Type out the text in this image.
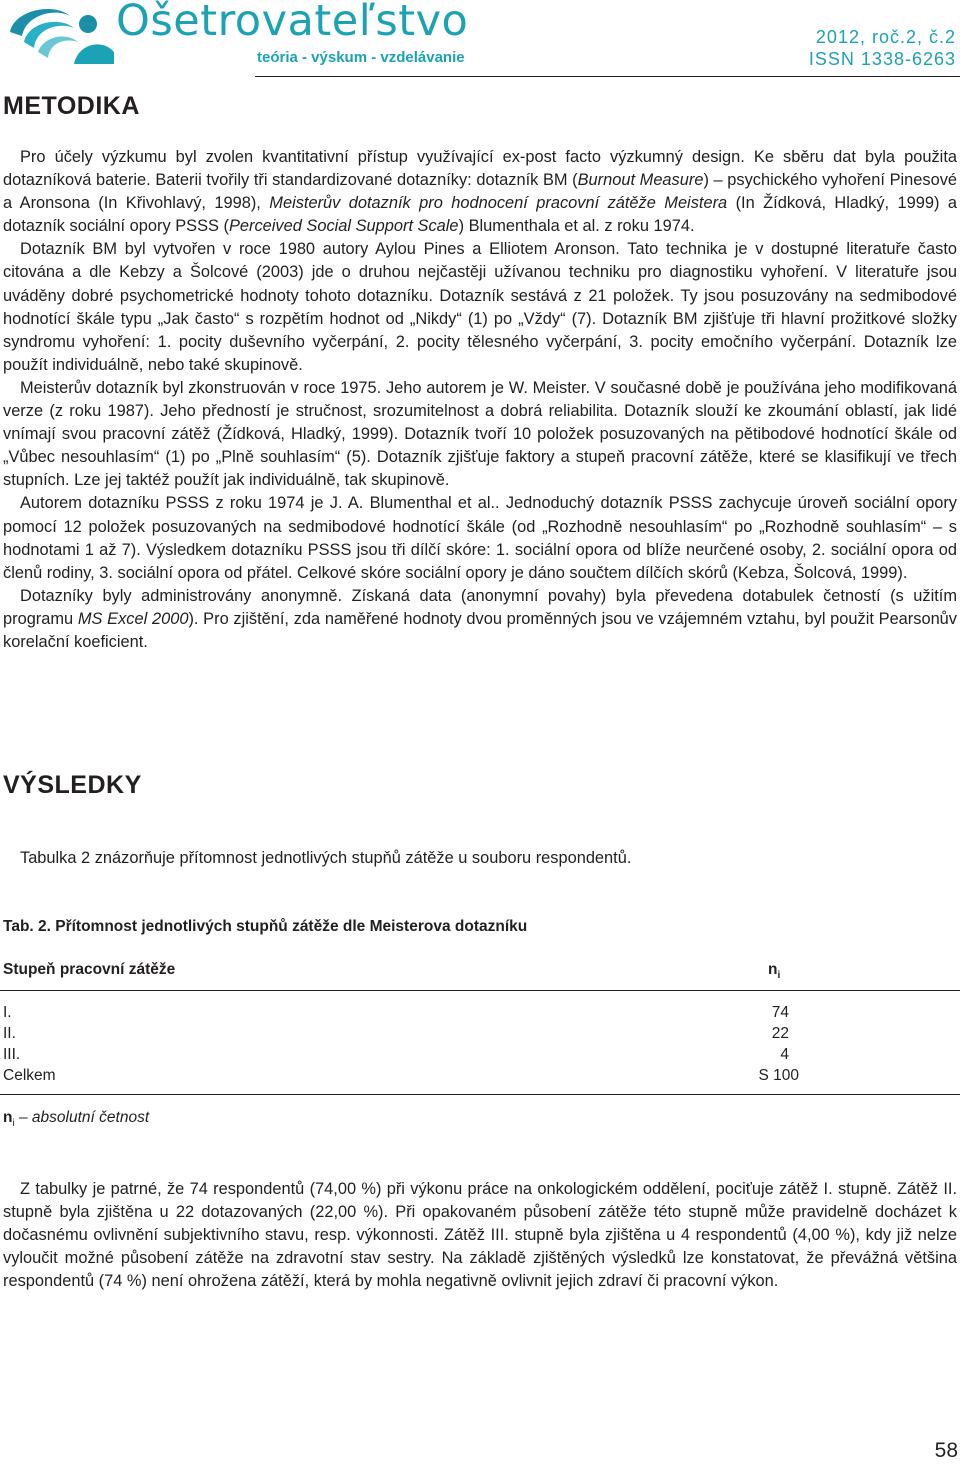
Ošetrovateľstvo
teória - výskum - vzdelávanie
2012, roč.2, č.2
ISSN 1338-6263
METODIKA

Pro účely výzkumu byl zvolen kvantitativní přístup využívající ex-post facto výzkumný design. Ke sběru dat byla použita dotazníková baterie. Baterii tvořily tři standardizované dotazníky: dotazník BM (Burnout Measure) – psychického vyhoření Pinesové a Aronsona (In Křivohlavý, 1998), Meisterův dotazník pro hodnocení pracovní zátěže Meistera (In Žídková, Hladký, 1999) a dotazník sociální opory PSSS (Perceived Social Support Scale) Blumenthala et al. z roku 1974.

Dotazník BM byl vytvořen v roce 1980 autory Aylou Pines a Elliotem Aronson. Tato technika je v dostupné literatuře často citována a dle Kebzy a Šolcové (2003) jde o druhou nejčastěji užívanou techniku pro diagnostiku vyhoření. V literatuře jsou uváděny dobré psychometrické hodnoty tohoto dotazníku. Dotazník sestává z 21 položek. Ty jsou posuzovány na sedmibodové hodnotící škále typu „Jak často“ s rozpětím hodnot od „Nikdy“ (1) po „Vždy“ (7). Dotazník BM zjišťuje tři hlavní prožitkové složky syndromu vyhoření: 1. pocity duševního vyčerpání, 2. pocity tělesného vyčerpání, 3. pocity emočního vyčerpání. Dotazník lze použít individuálně, nebo také skupinově.

Meisterův dotazník byl zkonstruován v roce 1975. Jeho autorem je W. Meister. V současné době je používána jeho modifikovaná verze (z roku 1987). Jeho předností je stručnost, srozumitelnost a dobrá reliabilita. Dotazník slouží ke zkoumání oblastí, jak lidé vnímají svou pracovní zátěž (Žídková, Hladký, 1999). Dotazník tvoří 10 položek posuzovaných na pětibodové hodnotící škále od „Vůbec nesouhlasím“ (1) po „Plně souhlasím“ (5). Dotazník zjišťuje faktory a stupeň pracovní zátěže, které se klasifikují ve třech stupních. Lze jej taktéž použít jak individuálně, tak skupinově.

Autorem dotazníku PSSS z roku 1974 je J. A. Blumenthal et al.. Jednoduchý dotazník PSSS zachycuje úroveň sociální opory pomocí 12 položek posuzovaných na sedmibodové hodnotící škále (od „Rozhodně nesouhlasím“ po „Rozhodně souhlasím“ – s hodnotami 1 až 7). Výsledkem dotazníku PSSS jsou tři dílčí skóre: 1. sociální opora od blíže neurčené osoby, 2. sociální opora od členů rodiny, 3. sociální opora od přátel. Celkové skóre sociální opory je dáno součtem dílčích skórů (Kebza, Šolcová, 1999).

Dotazníky byly administrovány anonymně. Získaná data (anonymní povahy) byla převedena dotabulek četností (s užitím programu MS Excel 2000). Pro zjištění, zda naměřené hodnoty dvou proměnných jsou ve vzájemném vztahu, byl použit Pearsonův korelační koeficient.

VÝSLEDKY

Tabulka 2 znázorňuje přítomnost jednotlivých stupňů zátěže u souboru respondentů.

Tab. 2. Přítomnost jednotlivých stupňů zátěže dle Meisterova dotazníku
Stupeň pracovní zátěže	$n_i$
I.	74
II.	22
III.	4
Celkem	S 100
$n_i$ – absolutní četnost

Z tabulky je patrné, že 74 respondentů (74,00 %) při výkonu práce na onkologickém oddělení, pociťuje zátěž I. stupně. Zátěž II. stupně byla zjištěna u 22 dotazovaných (22,00 %). Při opakovaném působení zátěže této stupně může pravidelně docházet k dočasnému ovlivnění subjektivního stavu, resp. výkonnosti. Zátěž III. stupně byla zjištěna u 4 respondentů (4,00 %), kdy již nelze vyloučit možné působení zátěže na zdravotní stav sestry. Na základě zjištěných výsledků lze konstatovat, že převážná většina respondentů (74 %) není ohrožena zátěží, která by mohla negativně ovlivnit jejich zdraví či pracovní výkon.

58
